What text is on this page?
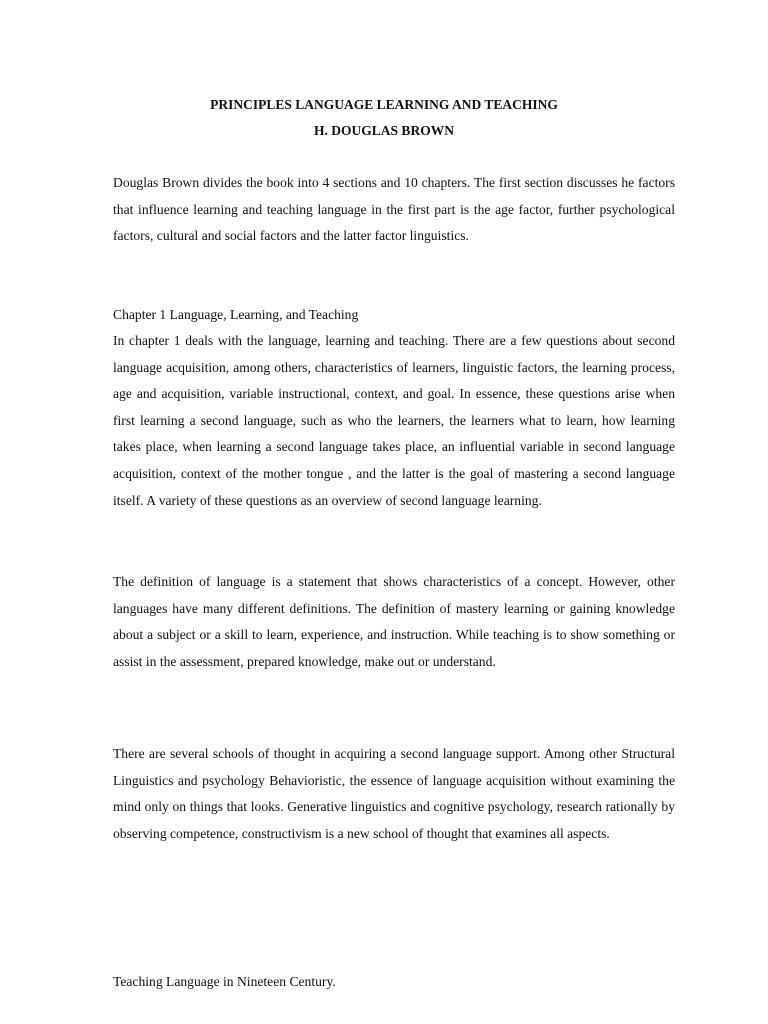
PRINCIPLES LANGUAGE LEARNING AND TEACHING
H. DOUGLAS BROWN

Douglas Brown divides the book into 4 sections and 10 chapters. The first section discusses he factors that influence learning and teaching language in the first part is the age factor, further psychological factors, cultural and social factors and the latter factor linguistics.

Chapter 1 Language, Learning, and Teaching

In chapter 1 deals with the language, learning and teaching. There are a few questions about second language acquisition, among others, characteristics of learners, linguistic factors, the learning process, age and acquisition, variable instructional, context, and goal. In essence, these questions arise when first learning a second language, such as who the learners, the learners what to learn, how learning takes place, when learning a second language takes place, an influential variable in second language acquisition, context of the mother tongue , and the latter is the goal of mastering a second language itself. A variety of these questions as an overview of second language learning.

The definition of language is a statement that shows characteristics of a concept. However, other languages have many different definitions. The definition of mastery learning or gaining knowledge about a subject or a skill to learn, experience, and instruction. While teaching is to show something or assist in the assessment, prepared knowledge, make out or understand.

There are several schools of thought in acquiring a second language support. Among other Structural Linguistics and psychology Behavioristic, the essence of language acquisition without examining the mind only on things that looks. Generative linguistics and cognitive psychology, research rationally by observing competence, constructivism is a new school of thought that examines all aspects.

Teaching Language in Nineteen Century.
